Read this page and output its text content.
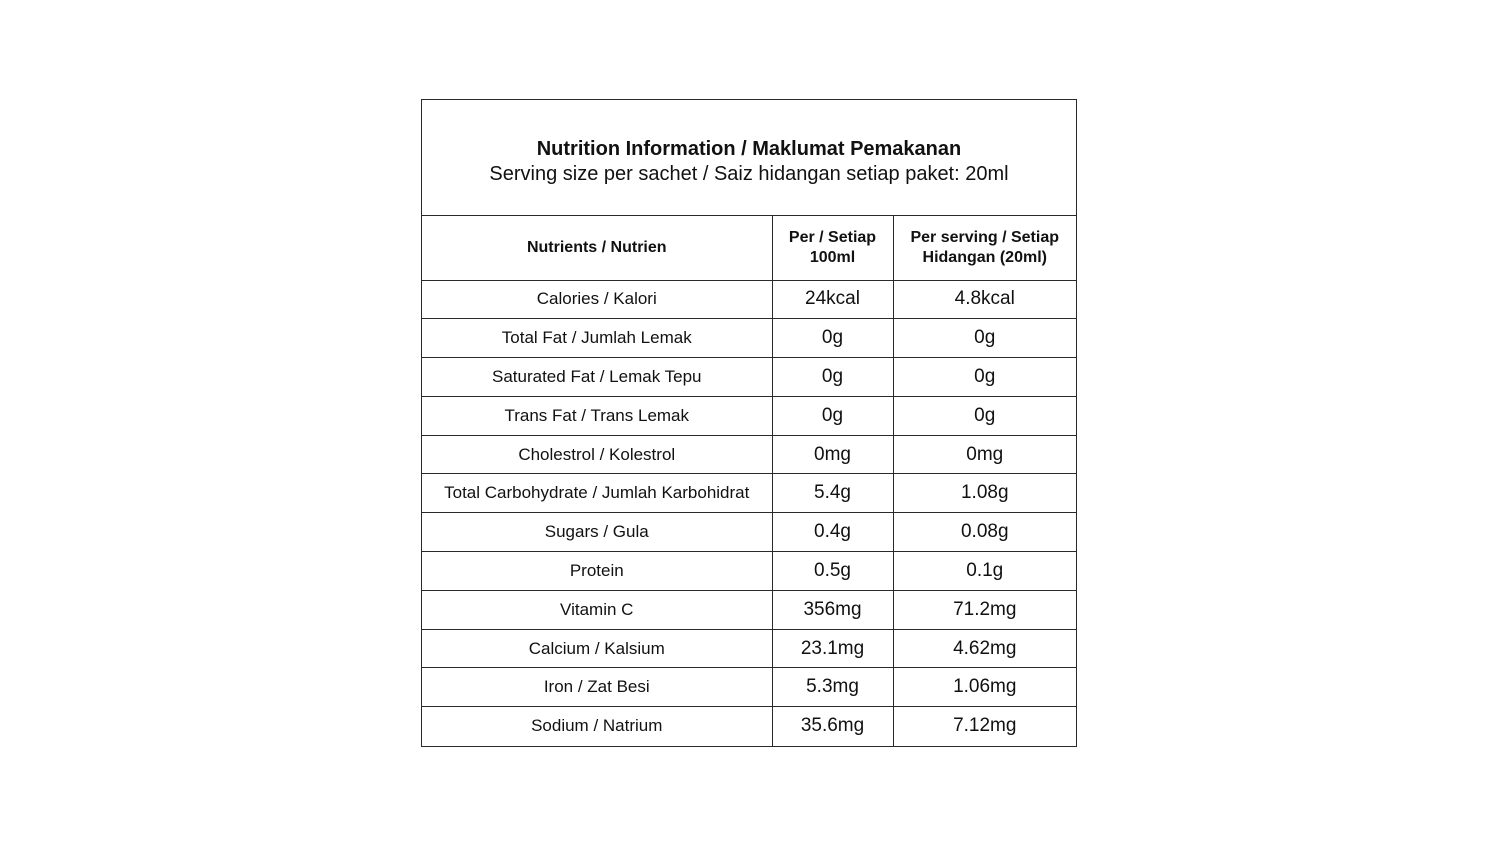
Nutrition Information / Maklumat Pemakanan
Serving size per sachet / Saiz hidangan setiap paket: 20ml
Nutrients / Nutrien	Per / Setiap 100ml	Per serving / Setiap Hidangan (20ml)
Calories / Kalori	24kcal	4.8kcal
Total Fat / Jumlah Lemak	0g	0g
Saturated Fat / Lemak Tepu	0g	0g
Trans Fat / Trans Lemak	0g	0g
Cholestrol / Kolestrol	0mg	0mg
Total Carbohydrate / Jumlah Karbohidrat	5.4g	1.08g
Sugars / Gula	0.4g	0.08g
Protein	0.5g	0.1g
Vitamin C	356mg	71.2mg
Calcium / Kalsium	23.1mg	4.62mg
Iron / Zat Besi	5.3mg	1.06mg
Sodium / Natrium	35.6mg	7.12mg
